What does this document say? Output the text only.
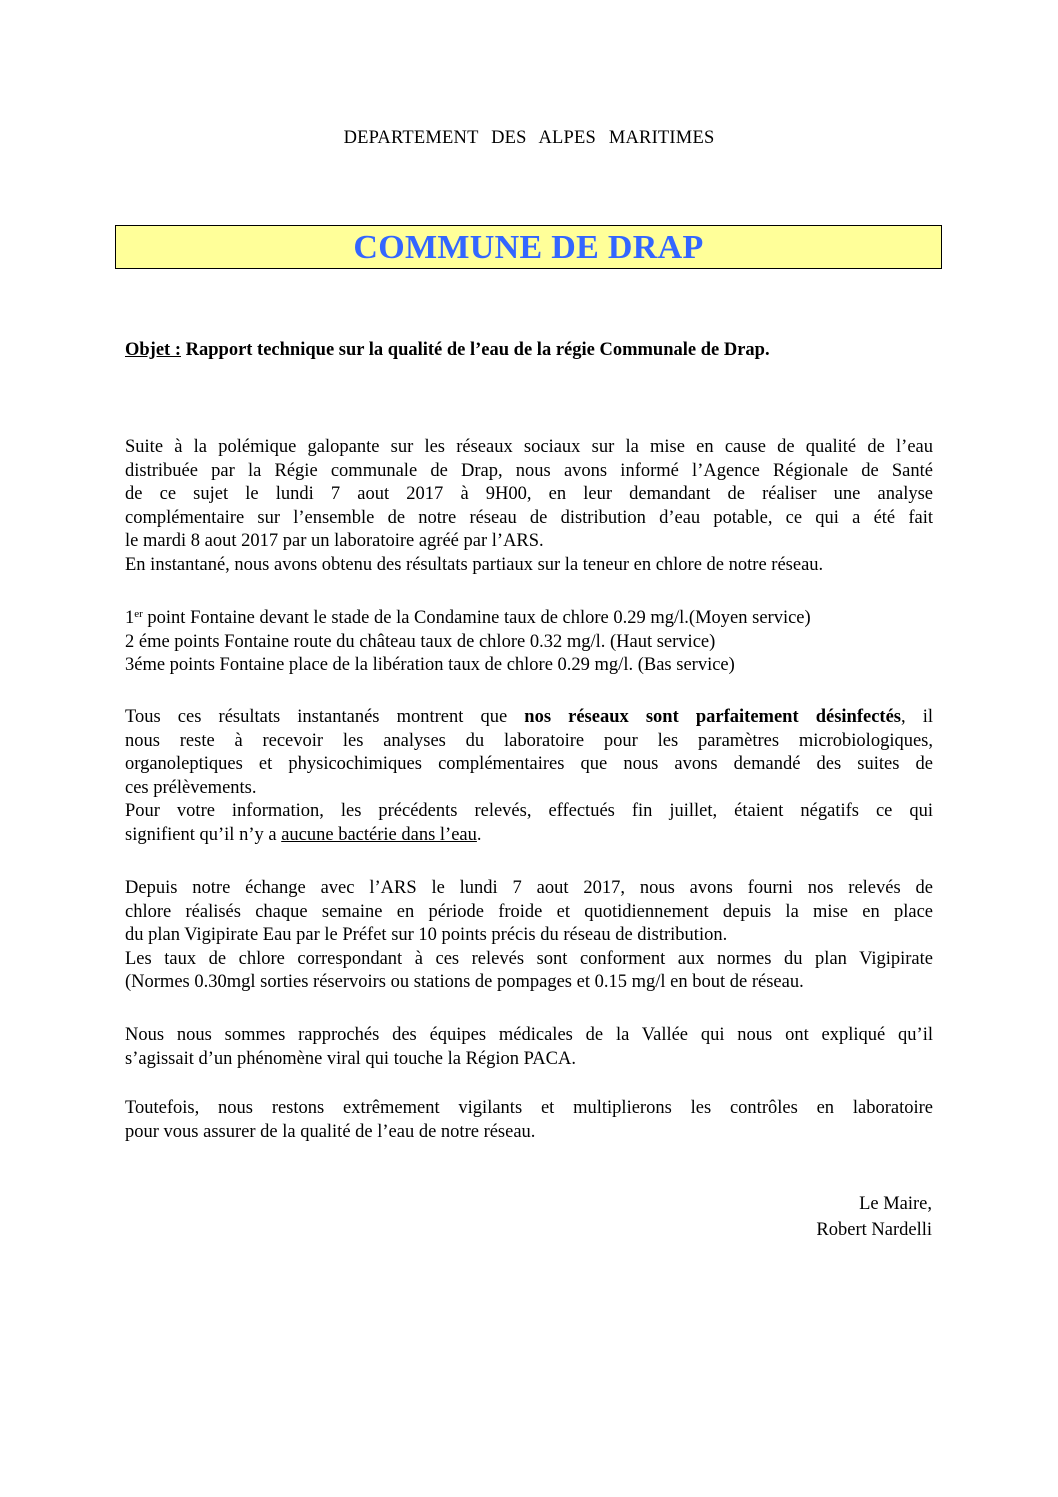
DEPARTEMENT DES ALPES MARITIMES
COMMUNE DE DRAP
Objet : Rapport technique sur la qualité de l’eau de la régie Communale de Drap.
Suite à la polémique galopante sur les réseaux sociaux sur la mise en cause de qualité de l’eau
distribuée par la Régie communale de Drap, nous avons informé l’Agence Régionale de Santé
de ce sujet le lundi 7 aout 2017 à 9H00, en leur demandant de réaliser une analyse
complémentaire sur l’ensemble de notre réseau de distribution d’eau potable, ce qui a été fait
le mardi 8 aout 2017 par un laboratoire agréé par l’ARS.
En instantané, nous avons obtenu des résultats partiaux sur la teneur en chlore de notre réseau.
1er point Fontaine devant le stade de la Condamine taux de chlore 0.29 mg/l.(Moyen service)
2 éme points Fontaine route du château taux de chlore 0.32 mg/l. (Haut service)
3éme points Fontaine place de la libération taux de chlore 0.29 mg/l. (Bas service)
Tous ces résultats instantanés montrent que nos réseaux sont parfaitement désinfectés, il
nous reste à recevoir les analyses du laboratoire pour les paramètres microbiologiques,
organoleptiques et physicochimiques complémentaires que nous avons demandé des suites de
ces prélèvements.
Pour votre information, les précédents relevés, effectués fin juillet, étaient négatifs ce qui
signifient qu’il n’y a aucune bactérie dans l’eau.
Depuis notre échange avec l’ARS le lundi 7 aout 2017, nous avons fourni nos relevés de
chlore réalisés chaque semaine en période froide et quotidiennement depuis la mise en place
du plan Vigipirate Eau par le Préfet sur 10 points précis du réseau de distribution.
Les taux de chlore correspondant à ces relevés sont conforment aux normes du plan Vigipirate
(Normes 0.30mgl sorties réservoirs ou stations de pompages et 0.15 mg/l en bout de réseau.
Nous nous sommes rapprochés des équipes médicales de la Vallée qui nous ont expliqué qu’il
s’agissait d’un phénomène viral qui touche la Région PACA.
Toutefois, nous restons extrêmement vigilants et multiplierons les contrôles en laboratoire
pour vous assurer de la qualité de l’eau de notre réseau.
Le Maire,
Robert Nardelli
